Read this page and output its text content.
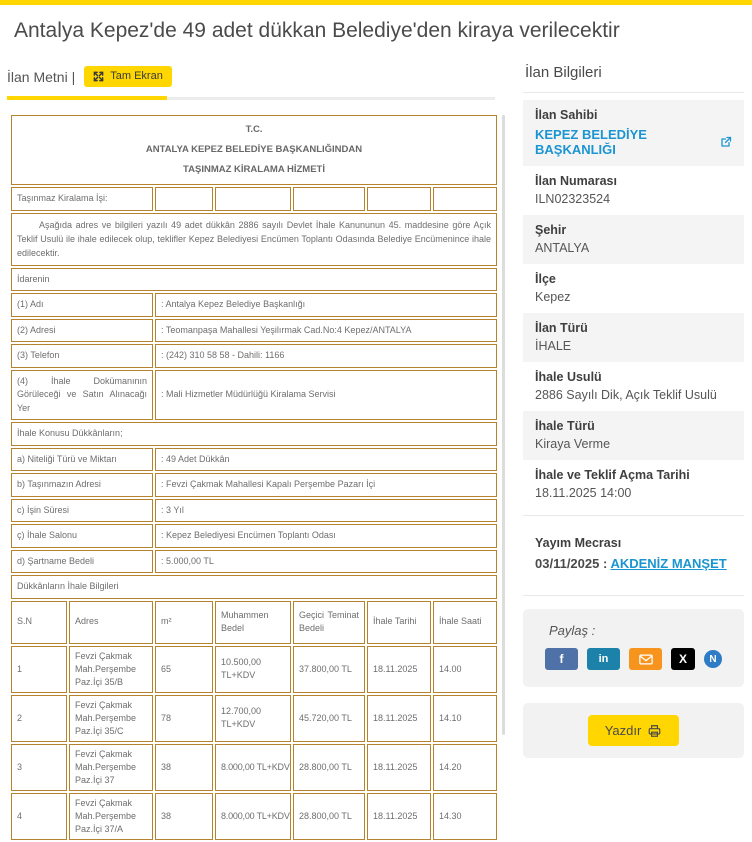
Antalya Kepez'de 49 adet dükkan Belediye'den kiraya verilecektir
İlan Metni |	Tam Ekran
T.C.
ANTALYA KEPEZ BELEDİYE BAŞKANLIĞINDAN
TAŞINMAZ KİRALAMA HİZMETİ						

Taşınmaz Kiralama İşi:						
Aşağıda adres ve bilgileri yazılı 49 adet dükkân 2886 sayılı Devlet İhale Kanununun 45. maddesine göre Açık Teklif Usulü ile ihale edilecek olup, teklifler Kepez Belediyesi Encümen Toplantı Odasında Belediye Encümenince ihale edilecektir.						
İdarenin						
(1) Adı		: Antalya Kepez Belediye Başkanlığı				
(2) Adresi		: Teomanpaşa Mahallesi Yeşilırmak Cad.No:4 Kepez/ANTALYA				
(3) Telefon		: (242) 310 58 58 - Dahili: 1166				
(4) İhale Dokümanının Görüleceği ve Satın Alınacağı Yer		: Mali Hizmetler Müdürlüğü Kiralama Servisi				
İhale Konusu Dükkânların;						
a) Niteliği Türü ve Miktarı		: 49 Adet Dükkân				
b) Taşınmazın Adresi		: Fevzi Çakmak Mahallesi Kapalı Perşembe Pazarı İçi				
c) İşin Süresi		: 3 Yıl				
ç) İhale Salonu		: Kepez Belediyesi Encümen Toplantı Odası				
d) Şartname Bedeli		: 5.000,00 TL				
Dükkânların İhale Bilgileri						
S.N	Adres	m²	Muhammen Bedel	Geçici Teminat Bedeli	İhale Tarihi	İhale Saati
1	Fevzi Çakmak Mah.Perşembe Paz.İçi 35/B	65	10.500,00 TL+KDV	37.800,00 TL	18.11.2025	14.00
2	Fevzi Çakmak Mah.Perşembe Paz.İçi 35/C	78	12.700,00 TL+KDV	45.720,00 TL	18.11.2025	14.10
3	Fevzi Çakmak Mah.Perşembe Paz.İçi 37	38	8.000,00 TL+KDV	28.800,00 TL	18.11.2025	14.20
4	Fevzi Çakmak Mah.Perşembe Paz.İçi 37/A	38	8.000,00 TL+KDV	28.800,00 TL	18.11.2025	14.30
İlan Bilgileri
İlan Sahibi
KEPEZ BELEDİYE BAŞKANLIĞI
İlan Numarası
ILN02323524
Şehir
ANTALYA
İlçe
Kepez
İlan Türü
İHALE
İhale Usulü
2886 Sayılı Dik, Açık Teklif Usulü
İhale Türü
Kiraya Verme
İhale ve Teklif Açma Tarihi
18.11.2025 14:00
Yayım Mecrası
03/11/2025 : AKDENİZ MANŞET
Paylaş :
f	in	X N
Yazdır
